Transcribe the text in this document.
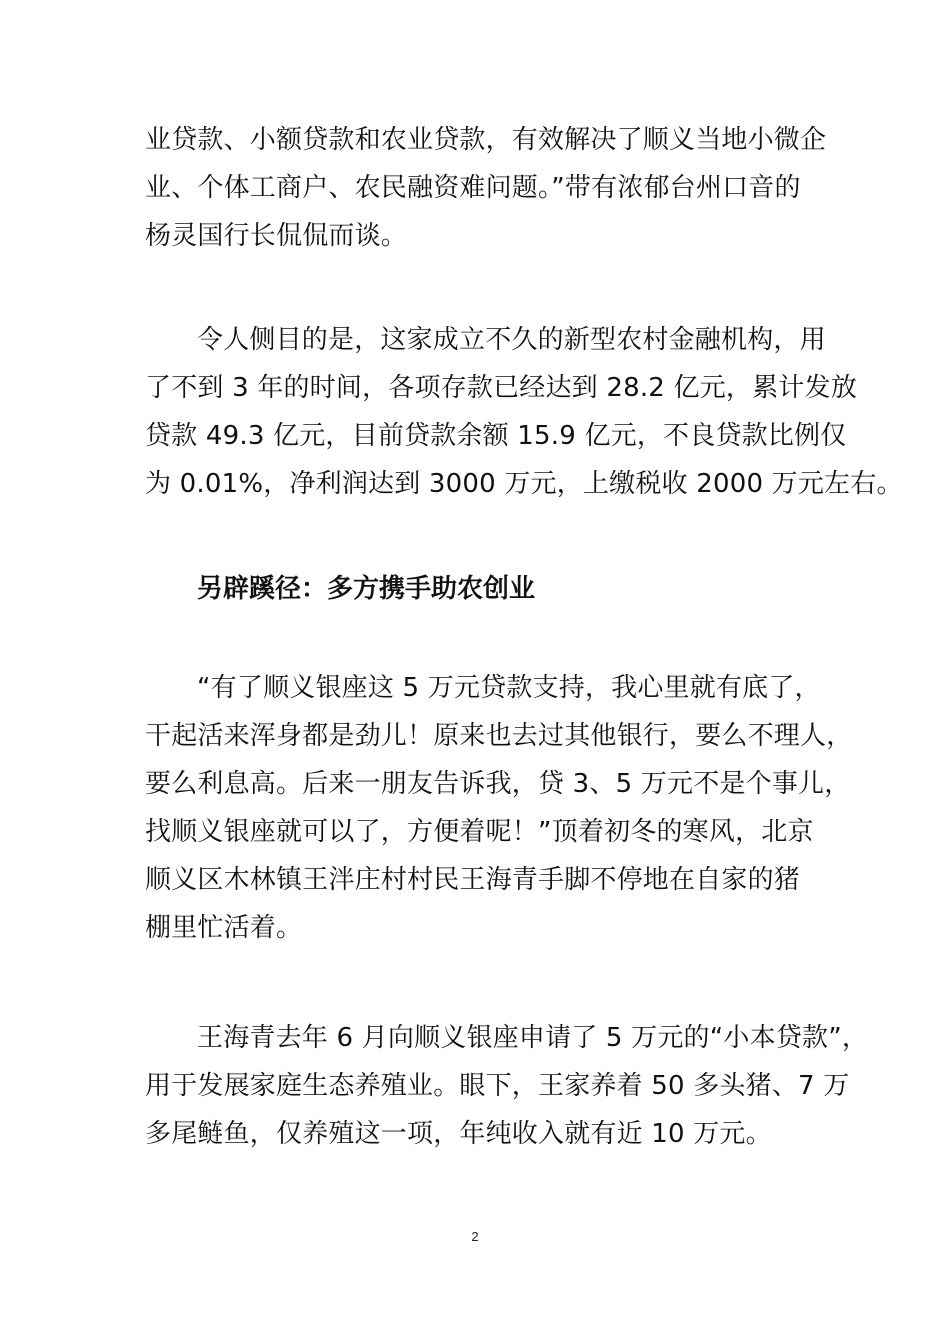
业贷款、小额贷款和农业贷款，有效解决了顺义当地小微企
业、个体工商户、农民融资难问题。”带有浓郁台州口音的
杨灵国行长侃侃而谈。
令人侧目的是，这家成立不久的新型农村金融机构，用
了不到 3 年的时间，各项存款已经达到 28.2 亿元，累计发放
贷款 49.3 亿元，目前贷款余额 15.9 亿元，不良贷款比例仅
为 0.01%，净利润达到 3000 万元，上缴税收 2000 万元左右。
另辟蹊径：多方携手助农创业
“有了顺义银座这 5 万元贷款支持，我心里就有底了，
干起活来浑身都是劲儿！原来也去过其他银行，要么不理人，
要么利息高。后来一朋友告诉我，贷 3、5 万元不是个事儿，
找顺义银座就可以了，方便着呢！”顶着初冬的寒风，北京
顺义区木林镇王泮庄村村民王海青手脚不停地在自家的猪
棚里忙活着。
王海青去年 6 月向顺义银座申请了 5 万元的“小本贷款”，
用于发展家庭生态养殖业。眼下，王家养着 50 多头猪、7 万
多尾鲢鱼，仅养殖这一项，年纯收入就有近 10 万元。
2
